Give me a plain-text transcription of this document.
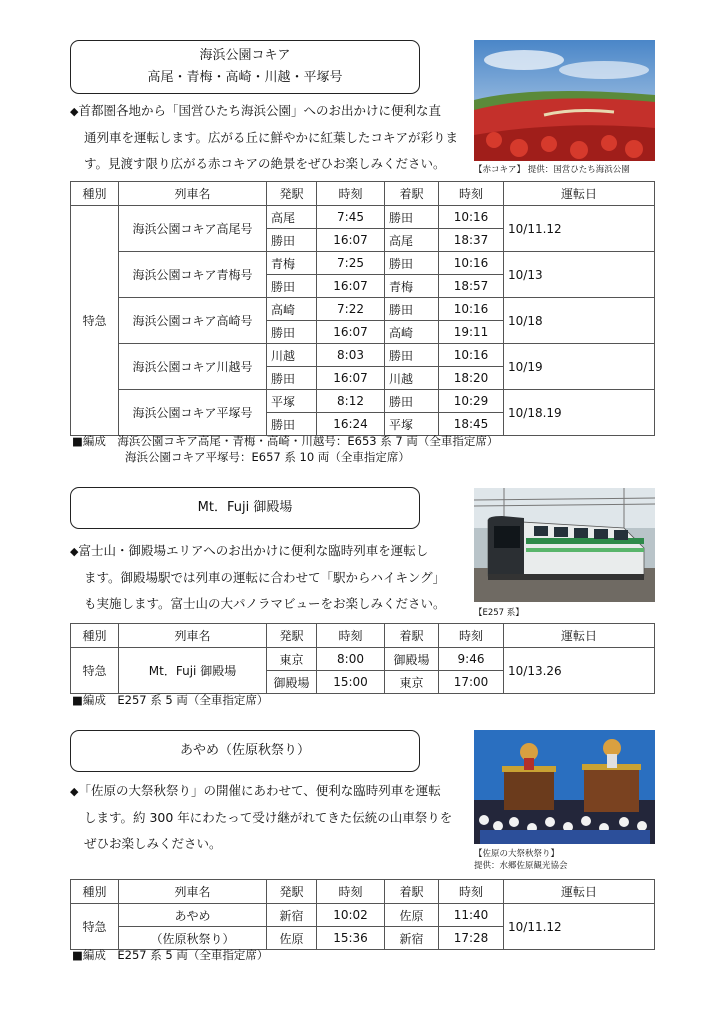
海浜公園コキア
高尾・青梅・高崎・川越・平塚号
◆首都圏各地から「国営ひたち海浜公園」へのお出かけに便利な直
通列車を運転します。広がる丘に鮮やかに紅葉したコキアが彩りま
す。見渡す限り広がる赤コキアの絶景をぜひお楽しみください。	【赤コキア】 提供：国営ひたち海浜公園
種別	列車名	発駅	時刻	着駅	時刻	運転日
特急	海浜公園コキア高尾号	高尾	7:45	勝田	10:16	10/11.12
		勝田	16:07	高尾	18:37	
	海浜公園コキア青梅号	青梅	7:25	勝田	10:16	10/13
		勝田	16:07	青梅	18:57	
	海浜公園コキア高崎号	高崎	7:22	勝田	10:16	10/18
		勝田	16:07	高崎	19:11	
	海浜公園コキア川越号	川越	8:03	勝田	10:16	10/19
		勝田	16:07	川越	18:20	
	海浜公園コキア平塚号	平塚	8:12	勝田	10:29	10/18.19
		勝田	16:24	平塚	18:45	
■編成　海浜公園コキア高尾・青梅・高崎・川越号：E653 系 7 両（全車指定席）
海浜公園コキア平塚号：E657 系 10 両（全車指定席）
Mt．Fuji 御殿場
◆富士山・御殿場エリアへのお出かけに便利な臨時列車を運転し
ます。御殿場駅では列車の運転に合わせて「駅からハイキング」
も実施します。富士山の大パノラマビューをお楽しみください。
【E257 系】
種別	列車名	発駅	時刻	着駅	時刻	運転日
特急	Mt．Fuji 御殿場	東京	8:00	御殿場	9:46	10/13.26
		御殿場	15:00	東京	17:00	
■編成　E257 系 5 両（全車指定席）
あやめ（佐原秋祭り）
◆「佐原の大祭秋祭り」の開催にあわせて、便利な臨時列車を運転
します。約 300 年にわたって受け継がれてきた伝統の山車祭りを
ぜひお楽しみください。
【佐原の大祭秋祭り】
提供：水郷佐原観光協会
種別	列車名	発駅	時刻	着駅	時刻	運転日
特急	あやめ	新宿	10:02	佐原	11:40	10/11.12
	（佐原秋祭り）	佐原	15:36	新宿	17:28	
■編成　E257 系 5 両（全車指定席）
